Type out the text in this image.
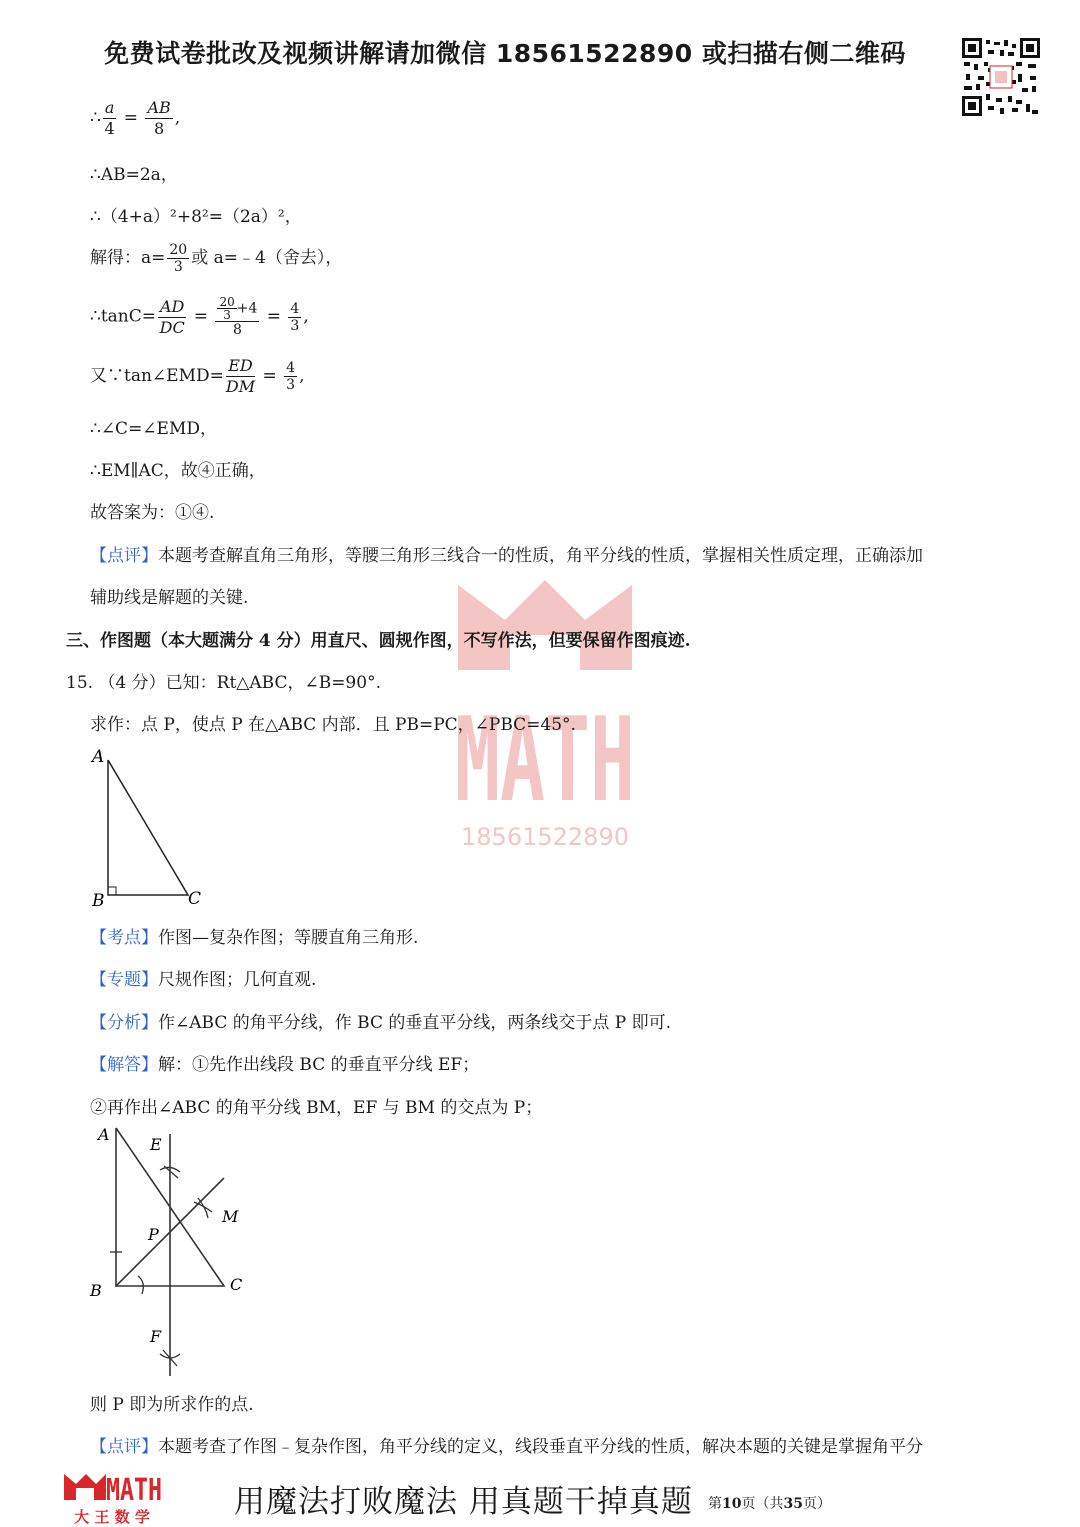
免费试卷批改及视频讲解请加微信 18561522890 或扫描右侧二维码
MATH
18561522890
∴ $\frac{a}{4} = \frac{AB}{8}$ ,
∴AB=2a，
∴（4+a）²+8²=（2a）²，
解得：$a= \frac{20}{3}$ 或 a=﹣4（舍去），
∴tanC= $\frac{AD}{DC} = \frac{\frac{20}{3} +4}{8} = \frac{4}{3}$ ,
又∵tan∠EMD= $\frac{ED}{DM} = \frac{4}{3}$ ,
∴∠C=∠EMD，
∴EM∥AC，故④正确，
故答案为：①④.
【点评】本题考查解直角三角形，等腰三角形三线合一的性质，角平分线的性质，掌握相关性质定理，正确添加
辅助线是解题的关键.
三、作图题（本大题满分 4 分）用直尺、圆规作图，不写作法，但要保留作图痕迹.
15. （4 分）已知：Rt△ABC，∠B=90°.
求作：点 P，使点 P 在△ABC 内部．且 PB=PC，∠PBC=45°.
A
B	C
【考点】作图—复杂作图；等腰直角三角形.
【专题】尺规作图；几何直观.
【分析】作∠ABC 的角平分线，作 BC 的垂直平分线，两条线交于点 P 即可.
【解答】解：①先作出线段 BC 的垂直平分线 EF；
②再作出∠ABC 的角平分线 BM，EF 与 BM 的交点为 P；
A
E
M
P
B	C
F
则 P 即为所求作的点.
【点评】本题考查了作图﹣复杂作图，角平分线的定义，线段垂直平分线的性质，解决本题的关键是掌握角平分
MATH
大 王 数 学	用魔法打败魔法 用真题干掉真题 第10页（共35页）
